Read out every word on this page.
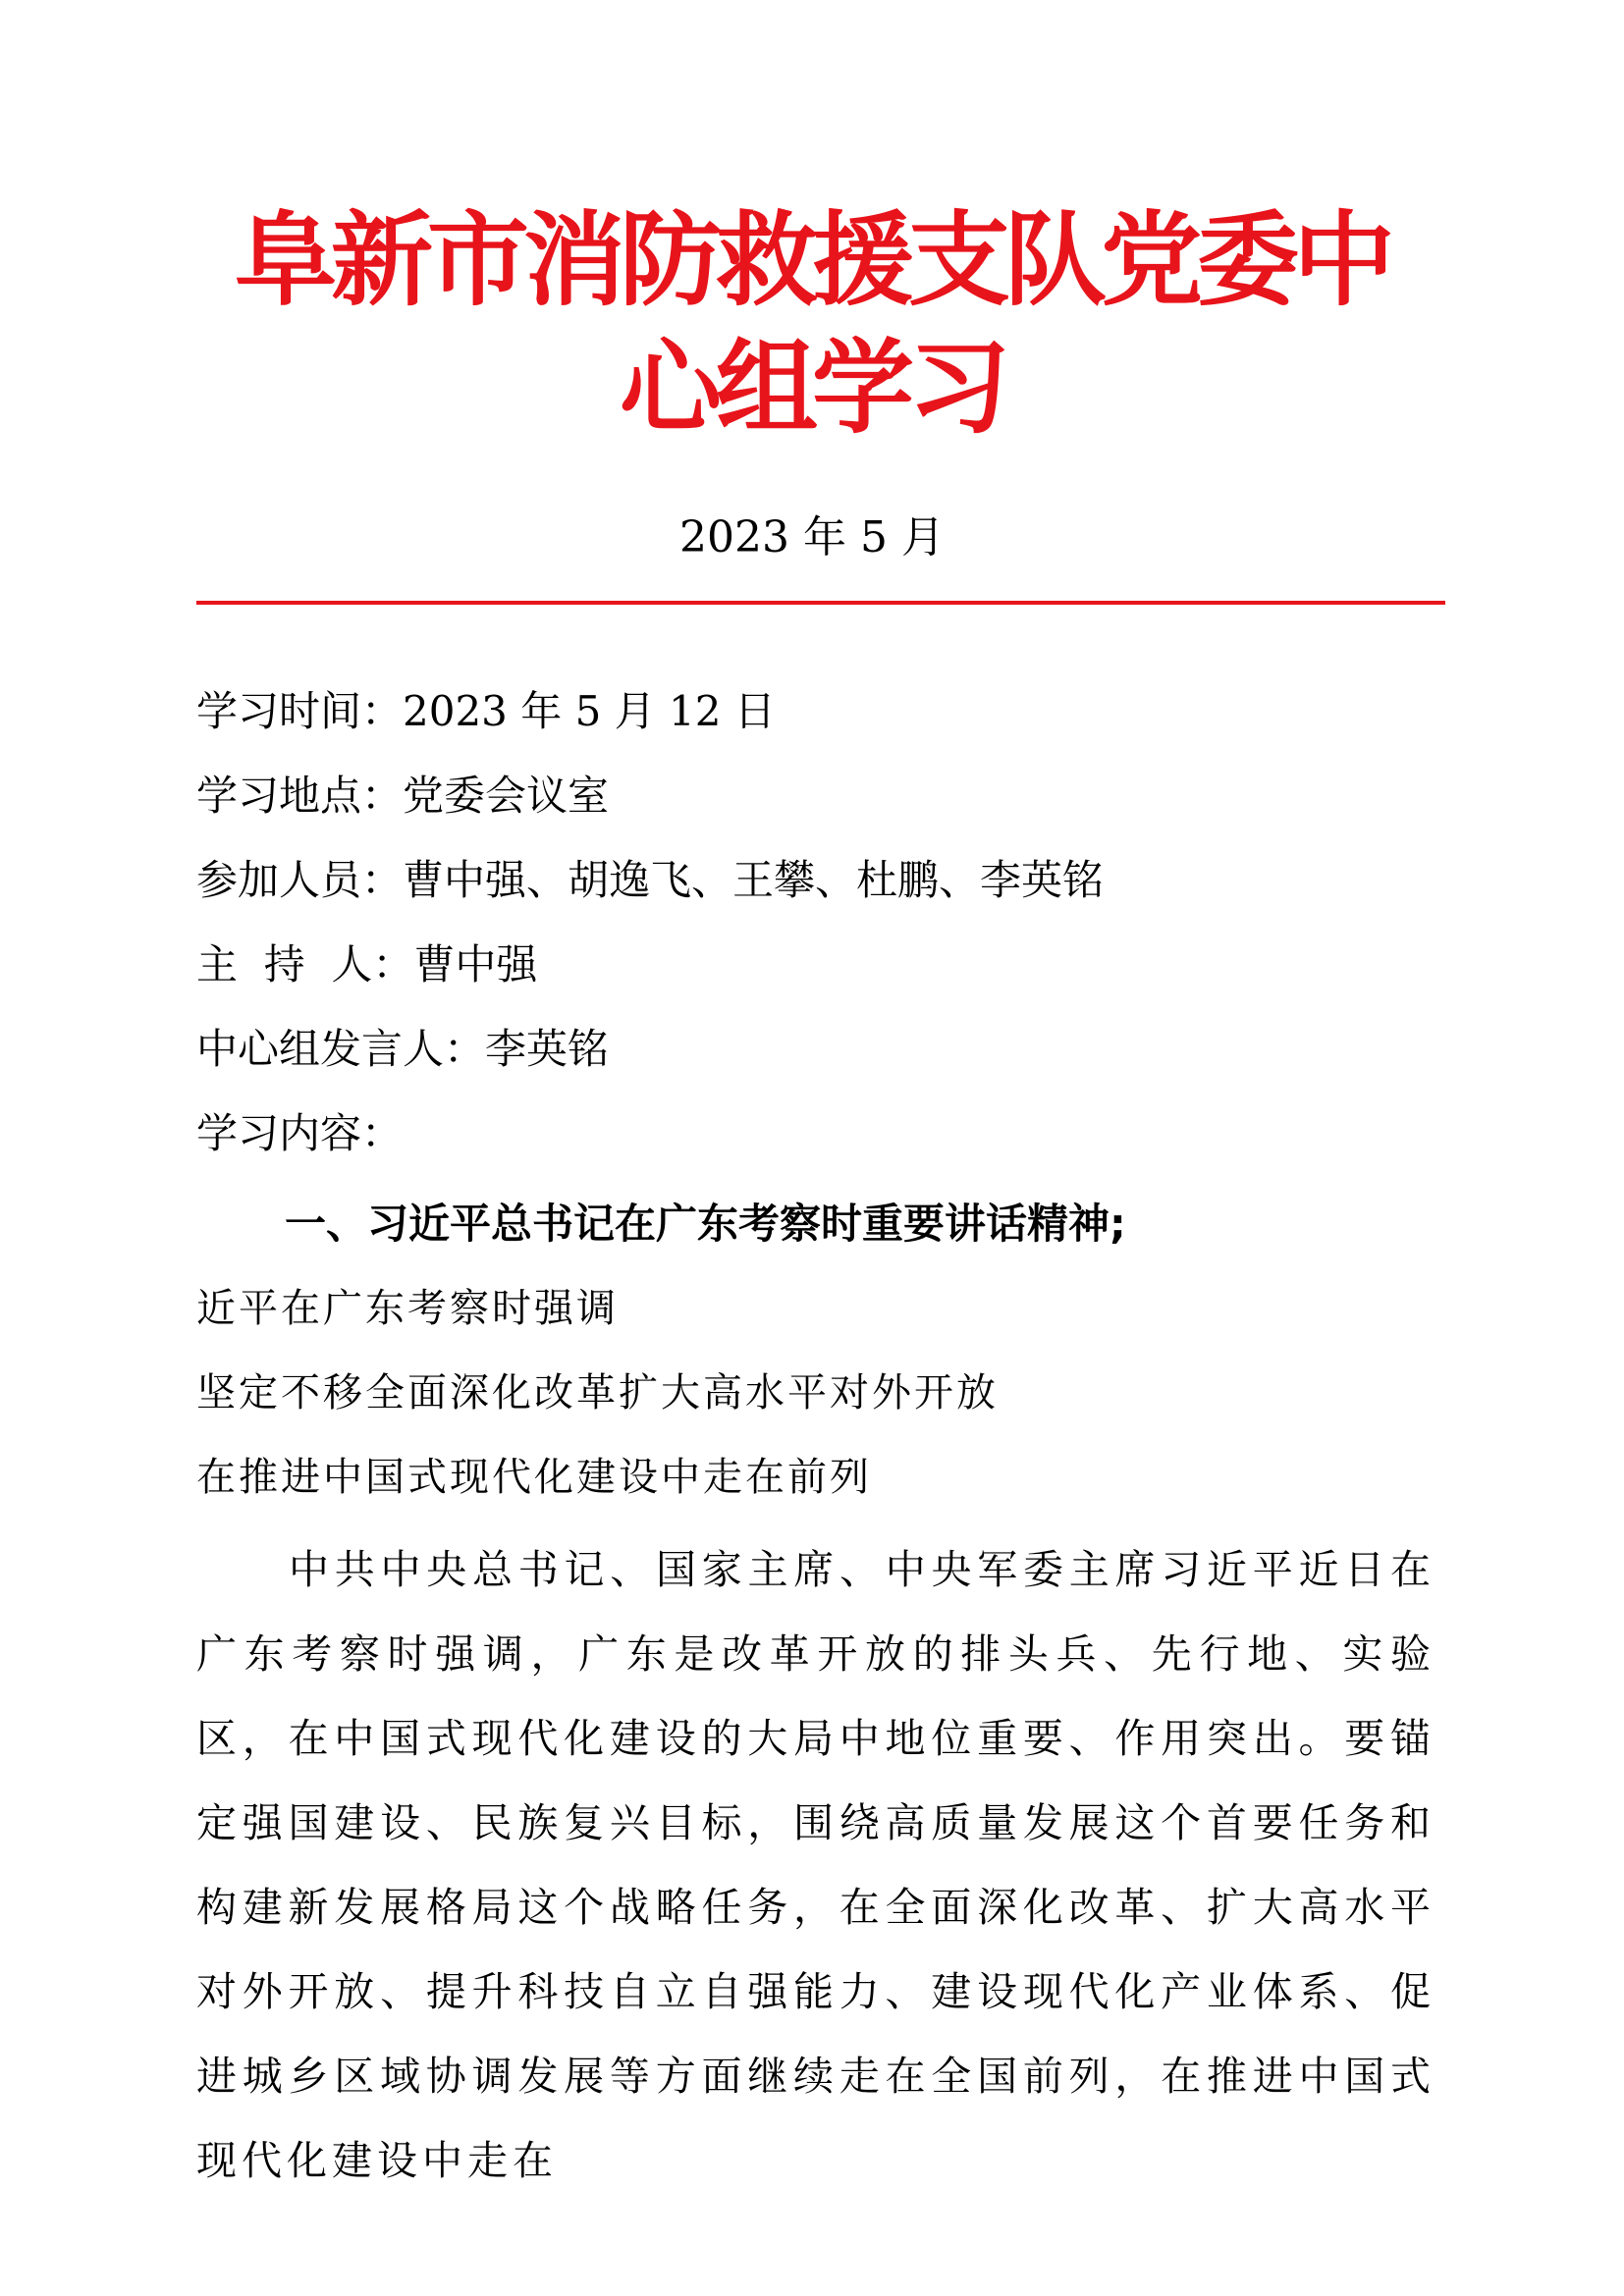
阜新市消防救援支队党委中心组学习
2023 年 5 月
学习时间：2023 年 5 月 12 日
学习地点：党委会议室
参加人员：曹中强、胡逸飞、王攀、杜鹏、李英铭
主  持  人：曹中强
中心组发言人：李英铭
学习内容：
一、习近平总书记在广东考察时重要讲话精神;
近平在广东考察时强调
坚定不移全面深化改革扩大高水平对外开放
在推进中国式现代化建设中走在前列
中共中央总书记、国家主席、中央军委主席习近平近日在广东考察时强调，广东是改革开放的排头兵、先行地、实验区，在中国式现代化建设的大局中地位重要、作用突出。要锚定强国建设、民族复兴目标，围绕高质量发展这个首要任务和构建新发展格局这个战略任务，在全面深化改革、扩大高水平对外开放、提升科技自立自强能力、建设现代化产业体系、促进城乡区域协调发展等方面继续走在全国前列，在推进中国式现代化建设中走在
